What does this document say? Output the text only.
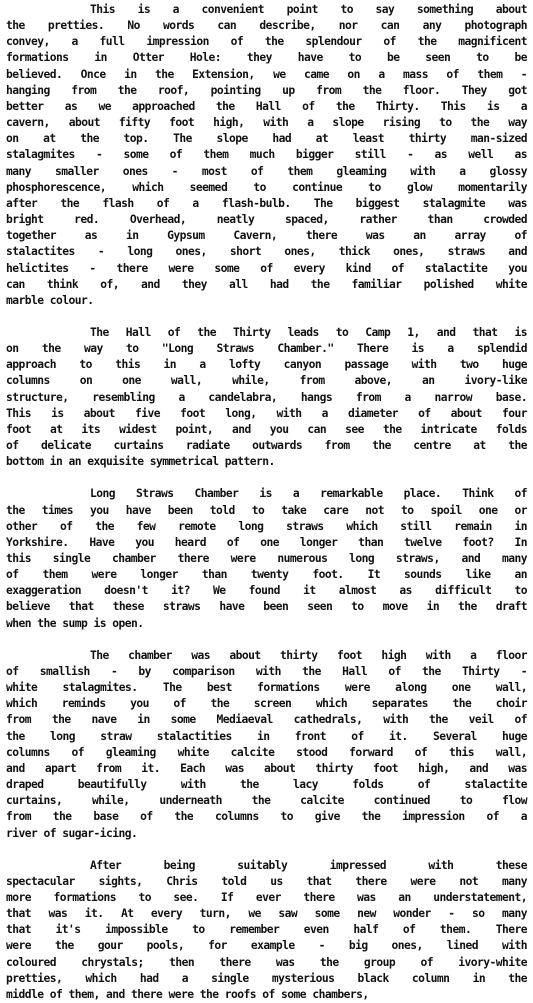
This is a convenient point to say something about
the pretties. No words can describe, nor can any photograph
convey, a full impression of the splendour of the magnificent
formations in Otter Hole: they have to be seen to be
believed. Once in the Extension, we came on a mass of them -
hanging from the roof, pointing up from the floor. They got
better as we approached the Hall of the Thirty. This is a
cavern, about fifty foot high, with a slope rising to the way
on at the top. The slope had at least thirty man-sized
stalagmites - some of them much bigger still - as well as
many smaller ones - most of them gleaming with a glossy
phosphorescence, which seemed to continue to glow momentarily
after the flash of a flash-bulb. The biggest stalagmite was
bright red. Overhead, neatly spaced, rather than crowded
together as in Gypsum Cavern, there was an array of
stalactites - long ones, short ones, thick ones, straws and
helictites - there were some of every kind of stalactite you
can think of, and they all had the familiar polished white
marble colour.
The Hall of the Thirty leads to Camp 1, and that is
on the way to "Long Straws Chamber." There is a splendid
approach to this in a lofty canyon passage with two huge
columns on one wall, while, from above, an ivory-like
structure, resembling a candelabra, hangs from a narrow base.
This is about five foot long, with a diameter of about four
foot at its widest point, and you can see the intricate folds
of delicate curtains radiate outwards from the centre at the
bottom in an exquisite symmetrical pattern.
Long Straws Chamber is a remarkable place. Think of
the times you have been told to take care not to spoil one or
other of the few remote long straws which still remain in
Yorkshire. Have you heard of one longer than twelve foot? In
this single chamber there were numerous long straws, and many
of them were longer than twenty foot. It sounds like an
exaggeration doesn't it? We found it almost as difficult to
believe that these straws have been seen to move in the draft
when the sump is open.
The chamber was about thirty foot high with a floor
of smallish - by comparison with the Hall of the Thirty -
white stalagmites. The best formations were along one wall,
which reminds you of the screen which separates the choir
from the nave in some Mediaeval cathedrals, with the veil of
the long straw stalactities in front of it. Several huge
columns of gleaming white calcite stood forward of this wall,
and apart from it. Each was about thirty foot high, and was
draped beautifully with the lacy folds of stalactite
curtains, while, underneath the calcite continued to flow
from the base of the columns to give the impression of a
river of sugar-icing.
After being suitably impressed with these
spectacular sights, Chris told us that there were not many
more formations to see. If ever there was an understatement,
that was it. At every turn, we saw some new wonder - so many
that it's impossible to remember even half of them. There
were the gour pools, for example - big ones, lined with
coloured chrystals; then there was the group of ivory-white
pretties, which had a single mysterious black column in the
middle of them, and there were the roofs of some chambers,
